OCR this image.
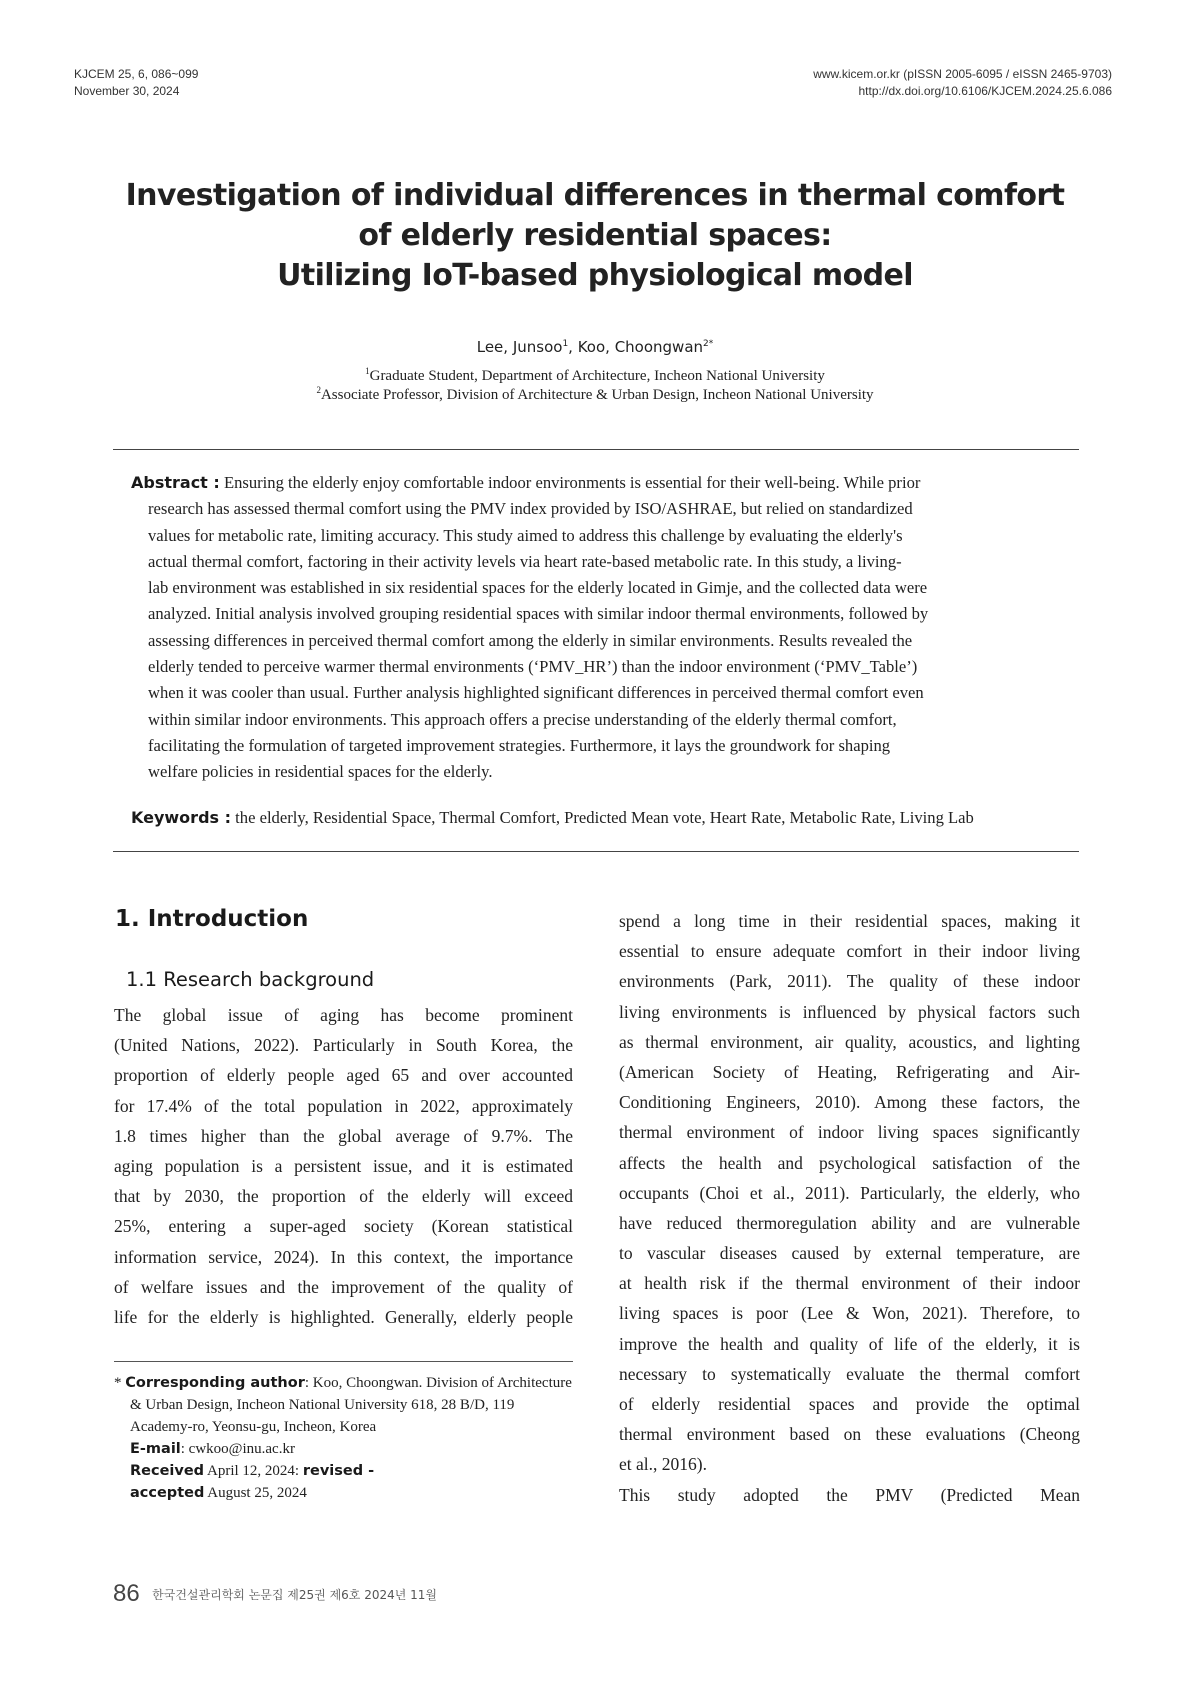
KJCEM 25, 6, 086~099
November 30, 2024
www.kicem.or.kr (pISSN 2005-6095 / eISSN 2465-9703)
http://dx.doi.org/10.6106/KJCEM.2024.25.6.086
Investigation of individual differences in thermal comfort
of elderly residential spaces:
Utilizing IoT-based physiological model
Lee, Junsoo$^1$, Koo, Choongwan$^{2*}$
$^1$Graduate Student, Department of Architecture, Incheon National University
$^2$Associate Professor, Division of Architecture & Urban Design, Incheon National University
Abstract : Ensuring the elderly enjoy comfortable indoor environments is essential for their well-being. While prior
research has assessed thermal comfort using the PMV index provided by ISO/ASHRAE, but relied on standardized
values for metabolic rate, limiting accuracy. This study aimed to address this challenge by evaluating the elderly's
actual thermal comfort, factoring in their activity levels via heart rate-based metabolic rate. In this study, a living-
lab environment was established in six residential spaces for the elderly located in Gimje, and the collected data were
analyzed. Initial analysis involved grouping residential spaces with similar indoor thermal environments, followed by
assessing differences in perceived thermal comfort among the elderly in similar environments. Results revealed the
elderly tended to perceive warmer thermal environments (‘PMV_HR’) than the indoor environment (‘PMV_Table’)
when it was cooler than usual. Further analysis highlighted significant differences in perceived thermal comfort even
within similar indoor environments. This approach offers a precise understanding of the elderly thermal comfort,
facilitating the formulation of targeted improvement strategies. Furthermore, it lays the groundwork for shaping
welfare policies in residential spaces for the elderly.
Keywords : the elderly, Residential Space, Thermal Comfort, Predicted Mean vote, Heart Rate, Metabolic Rate, Living Lab
1. Introduction
1.1 Research background
The global issue of aging has become prominent
(United Nations, 2022). Particularly in South Korea, the
proportion of elderly people aged 65 and over accounted
for 17.4% of the total population in 2022, approximately
1.8 times higher than the global average of 9.7%. The
aging population is a persistent issue, and it is estimated
that by 2030, the proportion of the elderly will exceed
25%, entering a super-aged society (Korean statistical
information service, 2024). In this context, the importance
of welfare issues and the improvement of the quality of
life for the elderly is highlighted. Generally, elderly people
* Corresponding author: Koo, Choongwan. Division of Architecture
& Urban Design, Incheon National University 618, 28 B/D, 119
Academy-ro, Yeonsu-gu, Incheon, Korea
E-mail: cwkoo@inu.ac.kr
Received April 12, 2024: revised -
accepted August 25, 2024
spend a long time in their residential spaces, making it
essential to ensure adequate comfort in their indoor living
environments (Park, 2011). The quality of these indoor
living environments is influenced by physical factors such
as thermal environment, air quality, acoustics, and lighting
(American Society of Heating, Refrigerating and Air-
Conditioning Engineers, 2010). Among these factors, the
thermal environment of indoor living spaces significantly
affects the health and psychological satisfaction of the
occupants (Choi et al., 2011). Particularly, the elderly, who
have reduced thermoregulation ability and are vulnerable
to vascular diseases caused by external temperature, are
at health risk if the thermal environment of their indoor
living spaces is poor (Lee & Won, 2021). Therefore, to
improve the health and quality of life of the elderly, it is
necessary to systematically evaluate the thermal comfort
of elderly residential spaces and provide the optimal
thermal environment based on these evaluations (Cheong
et al., 2016).
This study adopted the PMV (Predicted Mean
86 한국건설관리학회 논문집 제25권 제6호 2024년 11월
